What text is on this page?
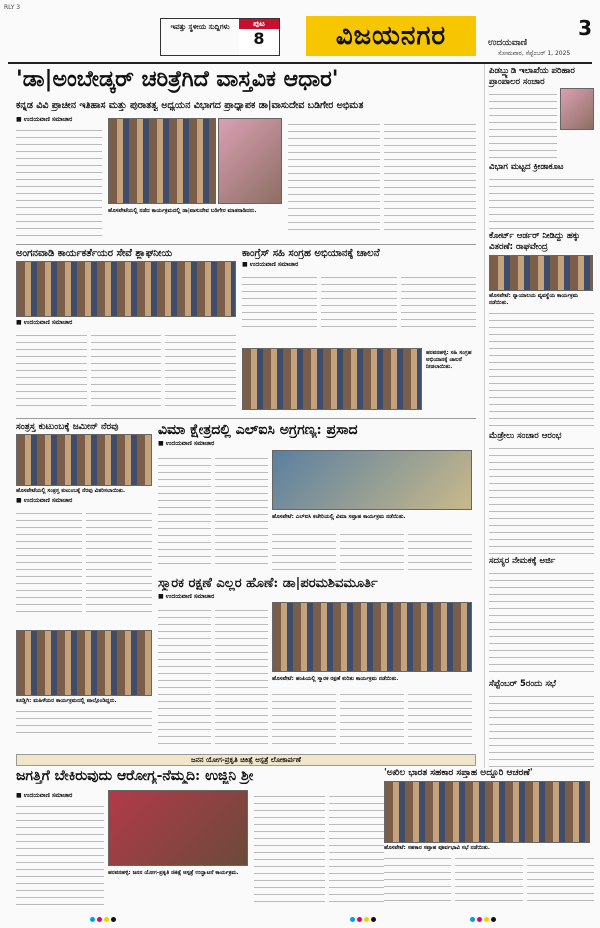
RLY 3
ಇವತ್ತು ಸ್ಥಳೀಯ ಸುದ್ದಿಗಳು	ಪುಟ
8	ವಿಜಯನಗರ	3
ಉದಯವಾಣಿ
ಸೋಮವಾರ, ಸೆಪ್ಟೆಂಬರ್ 1, 2025
'ಡಾ|ಅಂಬೇಡ್ಕರ್ ಚರಿತ್ರೆಗಿದೆ ವಾಸ್ತವಿಕ ಆಧಾರ'
ಕನ್ನಡ ವಿವಿ ಪ್ರಾಚೀನ ಇತಿಹಾಸ ಮತ್ತು ಪುರಾತತ್ವ ಅಧ್ಯಯನ ವಿಭಾಗದ ಪ್ರಾಧ್ಯಾಪಕ ಡಾ|ವಾಸುದೇವ ಬಡಿಗೇರ ಅಭಿಮತ
■ ಉದಯವಾಣಿ ಸಮಾಚಾರ
ಹೊಸಪೇಟೆಯಲ್ಲಿ ನಡೆದ ಕಾರ್ಯಕ್ರಮದಲ್ಲಿ ಡಾ|ವಾಸುದೇವ ಬಡಿಗೇರ ಮಾತನಾಡಿದರು.
ಅಂಗನವಾಡಿ ಕಾರ್ಯಕರ್ತೆಯರ ಸೇವೆ ಶ್ಲಾಘನೀಯ
■ ಉದಯವಾಣಿ ಸಮಾಚಾರ
ಕಾಂಗ್ರೆಸ್ ಸಹಿ ಸಂಗ್ರಹ ಅಭಿಯಾನಕ್ಕೆ ಚಾಲನೆ
■ ಉದಯವಾಣಿ ಸಮಾಚಾರ
ಹರಪನಹಳ್ಳಿ: ಸಹಿ ಸಂಗ್ರಹ ಅಭಿಯಾನಕ್ಕೆ ಚಾಲನೆ ನೀಡಲಾಯಿತು.
ಸಂತ್ರಸ್ತ ಕುಟುಂಬಕ್ಕೆ ಜಮೀನ್ ನೆರವು
ಹೊಸಪೇಟೆಯಲ್ಲಿ ಸಂತ್ರಸ್ತ ಕುಟುಂಬಕ್ಕೆ ನೆರವು ವಿತರಿಸಲಾಯಿತು.
■ ಉದಯವಾಣಿ ಸಮಾಚಾರ
ವಿಮಾ ಕ್ಷೇತ್ರದಲ್ಲಿ ಎಲ್‌ಐಸಿ ಅಗ್ರಗಣ್ಯ: ಪ್ರಸಾದ
■ ಉದಯವಾಣಿ ಸಮಾಚಾರ
ಹೊಸಪೇಟೆ: ಎಲ್‌ಐಸಿ ಕಚೇರಿಯಲ್ಲಿ ವಿಮಾ ಸಪ್ತಾಹ ಕಾರ್ಯಕ್ರಮ ನಡೆಯಿತು.
ಸ್ಮಾರಕ ರಕ್ಷಣೆ ಎಲ್ಲರ ಹೊಣೆ: ಡಾ|ಪರಮಶಿವಮೂರ್ತಿ
■ ಉದಯವಾಣಿ ಸಮಾಚಾರ
ಹೊಸಪೇಟೆ: ಹಂಪಿಯಲ್ಲಿ ಸ್ಮಾರಕ ರಕ್ಷಣೆ ಕುರಿತು ಕಾರ್ಯಕ್ರಮ ನಡೆಯಿತು.
ಕೂಡ್ಲಿಗಿ: ಮಹಿಳೆಯರ ಕಾರ್ಯಕ್ರಮದಲ್ಲಿ ಪಾಲ್ಗೊಂಡಿದ್ದರು.
ಜನನ ಯೋಗ-ಪ್ರಕೃತಿ ಚಿಕಿತ್ಸೆ ಆಸ್ಪತ್ರೆ ಲೋಕಾರ್ಪಣೆ
ಜಗತ್ತಿಗೆ ಬೇಕಿರುವುದು ಆರೋಗ್ಯ-ನೆಮ್ಮದಿ: ಉಜ್ಜಿನಿ ಶ್ರೀ
■ ಉದಯವಾಣಿ ಸಮಾಚಾರ
ಹರಪನಹಳ್ಳಿ: ಜನನ ಯೋಗ-ಪ್ರಕೃತಿ ಚಿಕಿತ್ಸೆ ಆಸ್ಪತ್ರೆ ಉದ್ಘಾಟನೆ ಕಾರ್ಯಕ್ರಮ.
ಪಿಡಬ್ಲ್ಯುಡಿ ಇಲಾಖೆಯ ಪರಿಹಾರ ಪ್ರಾಂಪಾಲರ ಸಂಚಾರ
ವಿಭಾಗ ಮಟ್ಟದ ಕ್ರೀಡಾಕೂಟ
ಕೋರ್ಟ್ ಆರ್ಡರ್ ನೀಡಿದ್ದು ಹಕ್ಕು ವಿತರಣೆ: ರಾಘವೇಂದ್ರ
ಹೊಸಪೇಟೆ: ನ್ಯಾಯಾಲಯ ವ್ಯವಸ್ಥೆಯ ಕಾರ್ಯಕ್ರಮ ನಡೆಯಿತು.
ಮೆಡ್ರೇಲು ಸಂಚಾರ ಆರಂಭ
ಸದಸ್ಯರ ನೇಮಕಕ್ಕೆ ಅರ್ಜಿ
ಸೆಪ್ಟೆಂಬರ್ 5ರಂದು ಸಭೆ
'ಅಖಿಲ ಭಾರತ ಸಹಕಾರ ಸಪ್ತಾಹ ಅದ್ದೂರಿ ಆಚರಣೆ'
ಹೊಸಪೇಟೆ: ಸಹಕಾರ ಸಪ್ತಾಹ ಪೂರ್ವಭಾವಿ ಸಭೆ ನಡೆಯಿತು.
